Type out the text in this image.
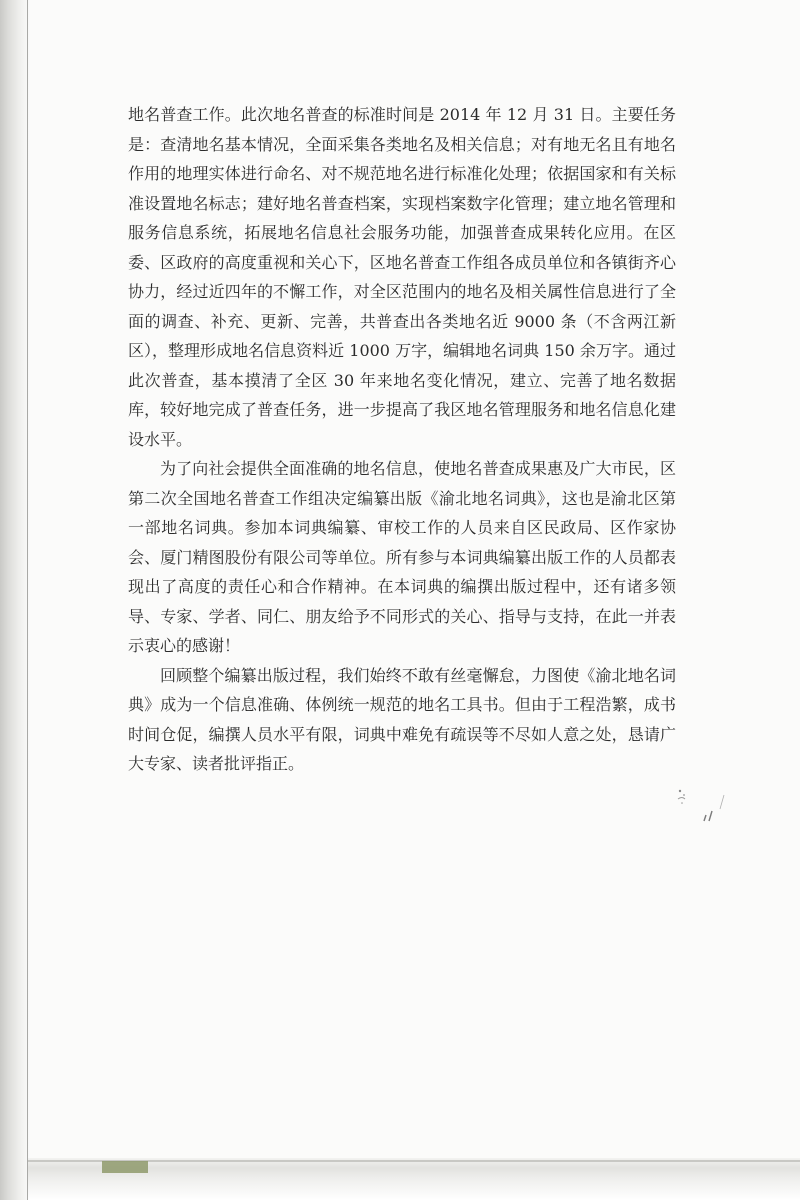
地名普查工作。此次地名普查的标准时间是 2014 年 12 月 31 日。主要任务是：查清地名基本情况，全面采集各类地名及相关信息；对有地无名且有地名作用的地理实体进行命名、对不规范地名进行标准化处理；依据国家和有关标准设置地名标志；建好地名普查档案，实现档案数字化管理；建立地名管理和服务信息系统，拓展地名信息社会服务功能，加强普查成果转化应用。在区委、区政府的高度重视和关心下，区地名普查工作组各成员单位和各镇街齐心协力，经过近四年的不懈工作，对全区范围内的地名及相关属性信息进行了全面的调查、补充、更新、完善，共普查出各类地名近 9000 条（不含两江新区），整理形成地名信息资料近 1000 万字，编辑地名词典 150 余万字。通过此次普查，基本摸清了全区 30 年来地名变化情况，建立、完善了地名数据库，较好地完成了普查任务，进一步提高了我区地名管理服务和地名信息化建设水平。

为了向社会提供全面准确的地名信息，使地名普查成果惠及广大市民，区第二次全国地名普查工作组决定编纂出版《渝北地名词典》，这也是渝北区第一部地名词典。参加本词典编纂、审校工作的人员来自区民政局、区作家协会、厦门精图股份有限公司等单位。所有参与本词典编纂出版工作的人员都表现出了高度的责任心和合作精神。在本词典的编撰出版过程中，还有诸多领导、专家、学者、同仁、朋友给予不同形式的关心、指导与支持，在此一并表示衷心的感谢！

回顾整个编纂出版过程，我们始终不敢有丝毫懈怠，力图使《渝北地名词典》成为一个信息准确、体例统一规范的地名工具书。但由于工程浩繁，成书时间仓促，编撰人员水平有限，词典中难免有疏误等不尽如人意之处，恳请广大专家、读者批评指正。
